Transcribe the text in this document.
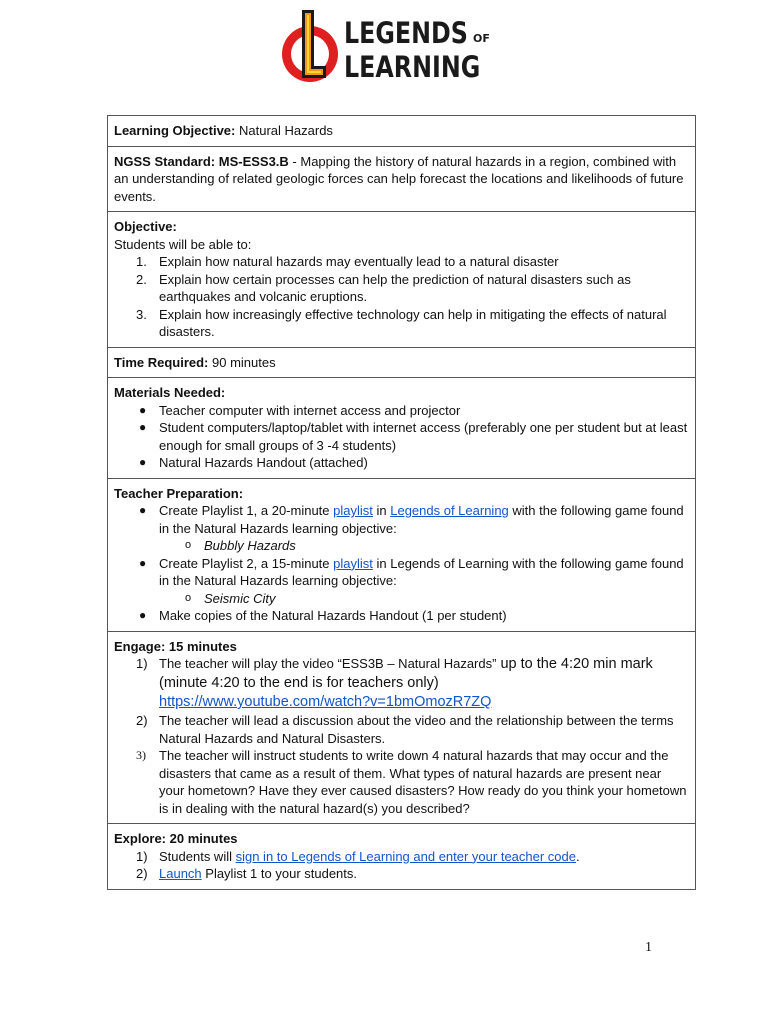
LEGENDS OF
LEARNING
Learning Objective: Natural Hazards
NGSS Standard: MS-ESS3.B - Mapping the history of natural hazards in a region, combined with an understanding of related geologic forces can help forecast the locations and likelihoods of future events.
Objective:
Students will be able to:
1. Explain how natural hazards may eventually lead to a natural disaster
2. Explain how certain processes can help the prediction of natural disasters such as earthquakes and volcanic eruptions.
3. Explain how increasingly effective technology can help in mitigating the effects of natural disasters.

Time Required: 90 minutes
Materials Needed:
● Teacher computer with internet access and projector
● Student computers/laptop/tablet with internet access (preferably one per student but at least enough for small groups of 3 -4 students)
● Natural Hazards Handout (attached)

Teacher Preparation:
● Create Playlist 1, a 20-minute playlist in Legends of Learning with the following game found in the Natural Hazards learning objective:
o Bubbly Hazards
● Create Playlist 2, a 15-minute playlist in Legends of Learning with the following game found in the Natural Hazards learning objective:
o Seismic City
● Make copies of the Natural Hazards Handout (1 per student)

Engage: 15 minutes
1) The teacher will play the video “ESS3B – Natural Hazards” up to the 4:20 min mark (minute 4:20 to the end is for teachers only)
https://www.youtube.com/watch?v=1bmOmozR7ZQ
2) The teacher will lead a discussion about the video and the relationship between the terms Natural Hazards and Natural Disasters.
3) The teacher will instruct students to write down 4 natural hazards that may occur and the disasters that came as a result of them. What types of natural hazards are present near your hometown? Have they ever caused disasters? How ready do you think your hometown is in dealing with the natural hazard(s) you described?

Explore: 20 minutes
1) Students will sign in to Legends of Learning and enter your teacher code.
2) Launch Playlist 1 to your students.
1
